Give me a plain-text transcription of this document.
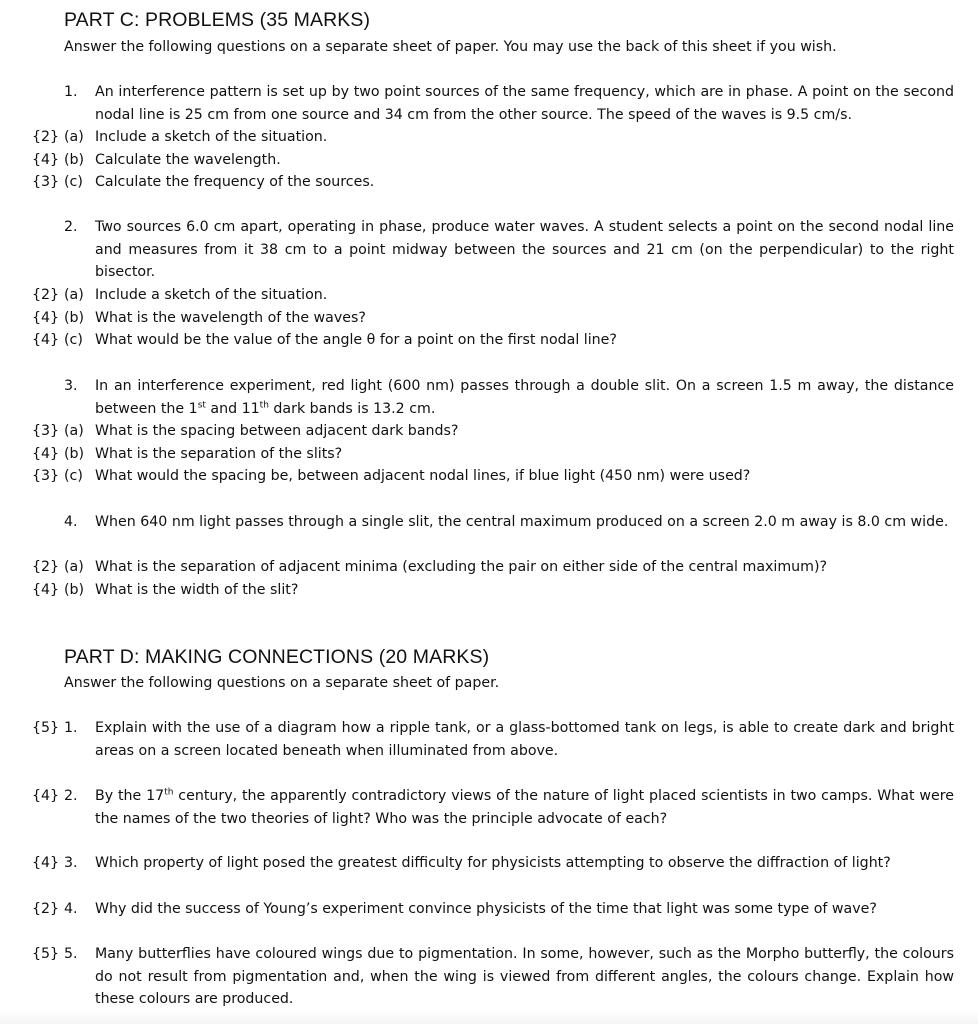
PART C: PROBLEMS (35 MARKS)
Answer the following questions on a separate sheet of paper. You may use the back of this sheet if you wish.
1. An interference pattern is set up by two point sources of the same frequency, which are in phase. A point on the second nodal line is 25 cm from one source and 34 cm from the other source. The speed of the waves is 9.5 cm/s.
{2} (a) Include a sketch of the situation.
{4} (b) Calculate the wavelength.
{3} (c) Calculate the frequency of the sources.
2. Two sources 6.0 cm apart, operating in phase, produce water waves. A student selects a point on the second nodal line and measures from it 38 cm to a point midway between the sources and 21 cm (on the perpendicular) to the right bisector.
{2} (a) Include a sketch of the situation.
{4} (b) What is the wavelength of the waves?
{4} (c) What would be the value of the angle θ for a point on the first nodal line?
3. In an interference experiment, red light (600 nm) passes through a double slit. On a screen 1.5 m away, the distance between the 1st and 11th dark bands is 13.2 cm.
{3} (a) What is the spacing between adjacent dark bands?
{4} (b) What is the separation of the slits?
{3} (c) What would the spacing be, between adjacent nodal lines, if blue light (450 nm) were used?
4. When 640 nm light passes through a single slit, the central maximum produced on a screen 2.0 m away is 8.0 cm wide.
{2} (a) What is the separation of adjacent minima (excluding the pair on either side of the central maximum)?
{4} (b) What is the width of the slit?
PART D: MAKING CONNECTIONS (20 MARKS)
Answer the following questions on a separate sheet of paper.
{5} 1. Explain with the use of a diagram how a ripple tank, or a glass-bottomed tank on legs, is able to create dark and bright areas on a screen located beneath when illuminated from above.
{4} 2. By the 17th century, the apparently contradictory views of the nature of light placed scientists in two camps. What were the names of the two theories of light? Who was the principle advocate of each?
{4} 3. Which property of light posed the greatest difficulty for physicists attempting to observe the diffraction of light?
{2} 4. Why did the success of Young’s experiment convince physicists of the time that light was some type of wave?
{5} 5. Many butterflies have coloured wings due to pigmentation. In some, however, such as the Morpho butterfly, the colours do not result from pigmentation and, when the wing is viewed from different angles, the colours change. Explain how these colours are produced.
